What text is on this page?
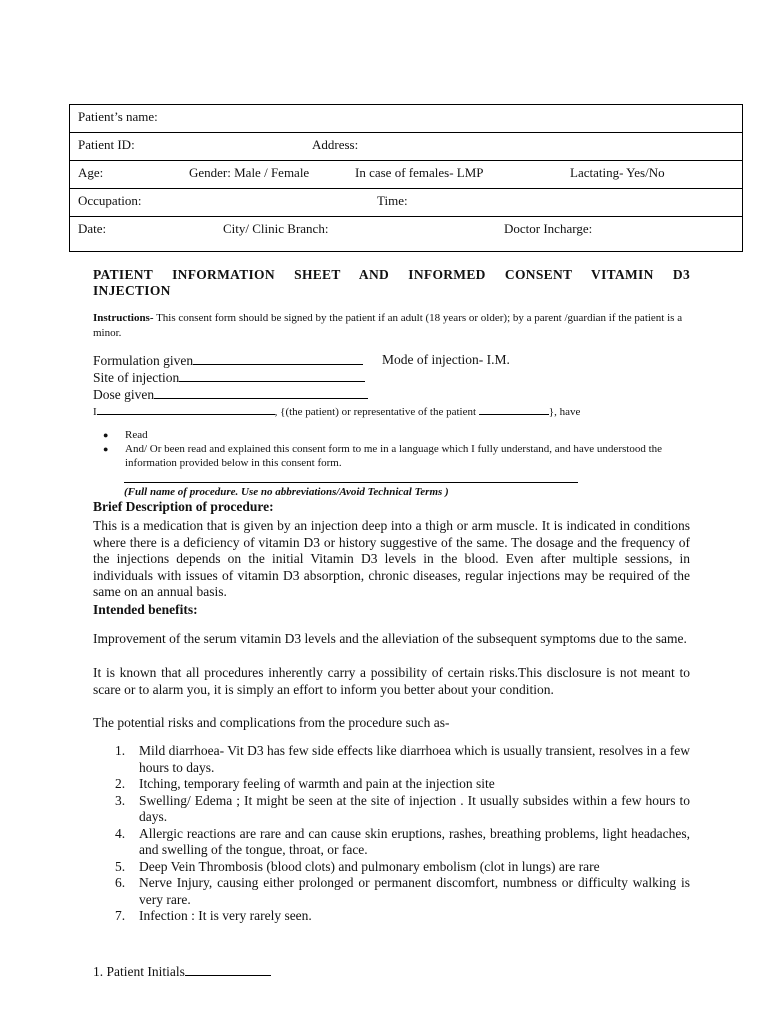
Patient’s name:
Patient ID:	Address:
Age:	Gender: Male / Female	In case of females- LMP	Lactating- Yes/No
Occupation:	Time:
Date:	City/ Clinic Branch:	Doctor Incharge:
PATIENT INFORMATION SHEET AND INFORMED CONSENT VITAMIN D3
INJECTION
Instructions- This consent form should be signed by the patient if an adult (18 years or older); by a parent /guardian if the patient is a minor.
Formulation given	Mode of injection- I.M.
Site of injection
Dose given
I	, {(the patient) or representative of the patient	}, have
● Read
● And/ Or been read and explained this consent form to me in a language which I fully understand, and have understood the information provided below in this consent form.
(Full name of procedure. Use no abbreviations/Avoid Technical Terms )
Brief Description of procedure:
This is a medication that is given by an injection deep into a thigh or arm muscle. It is indicated in conditions where there is a deficiency of vitamin D3 or history suggestive of the same. The dosage and the frequency of the injections depends on the initial Vitamin D3 levels in the blood. Even after multiple sessions, in individuals with issues of vitamin D3 absorption, chronic diseases, regular injections may be required of the same on an annual basis.
Intended benefits:
Improvement of the serum vitamin D3 levels and the alleviation of the subsequent symptoms due to the same.
It is known that all procedures inherently carry a possibility of certain risks.This disclosure is not meant to scare or to alarm you, it is simply an effort to inform you better about your condition.
The potential risks and complications from the procedure such as-
1. Mild diarrhoea- Vit D3 has few side effects like diarrhoea which is usually transient, resolves in a few hours to days.
2. Itching, temporary feeling of warmth and pain at the injection site
3. Swelling/ Edema ; It might be seen at the site of injection . It usually subsides within a few hours to days.
4. Allergic reactions are rare and can cause skin eruptions, rashes, breathing problems, light headaches, and swelling of the tongue, throat, or face.
5. Deep Vein Thrombosis (blood clots) and pulmonary embolism (clot in lungs) are rare
6. Nerve Injury, causing either prolonged or permanent discomfort, numbness or difficulty walking is very rare.
7. Infection : It is very rarely seen.
1. Patient Initials
